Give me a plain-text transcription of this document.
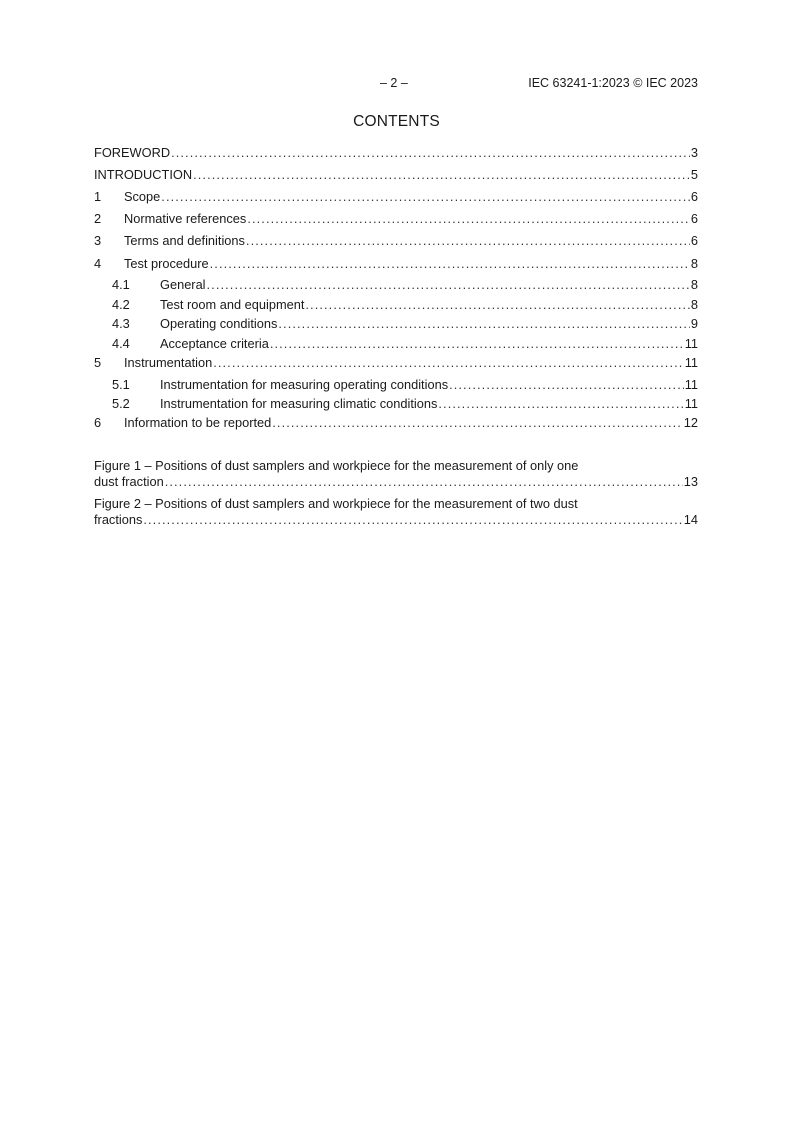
– 2 –	IEC 63241-1:2023 © IEC 2023
CONTENTS
FOREWORD .....	3
INTRODUCTION .....	5
1	Scope .....	6
2	Normative references .....	6
3	Terms and definitions .....	6
4	Test procedure .....	8
4.1	General .....	8
4.2	Test room and equipment .....	8
4.3	Operating conditions .....	9
4.4	Acceptance criteria .....	11
5	Instrumentation .....	11
5.1	Instrumentation for measuring operating conditions .....	11
5.2	Instrumentation for measuring climatic conditions .....	11
6	Information to be reported .....	12
Figure 1 – Positions of dust samplers and workpiece for the measurement of only one
dust fraction .....	13
Figure 2 – Positions of dust samplers and workpiece for the measurement of two dust
fractions .....	14
